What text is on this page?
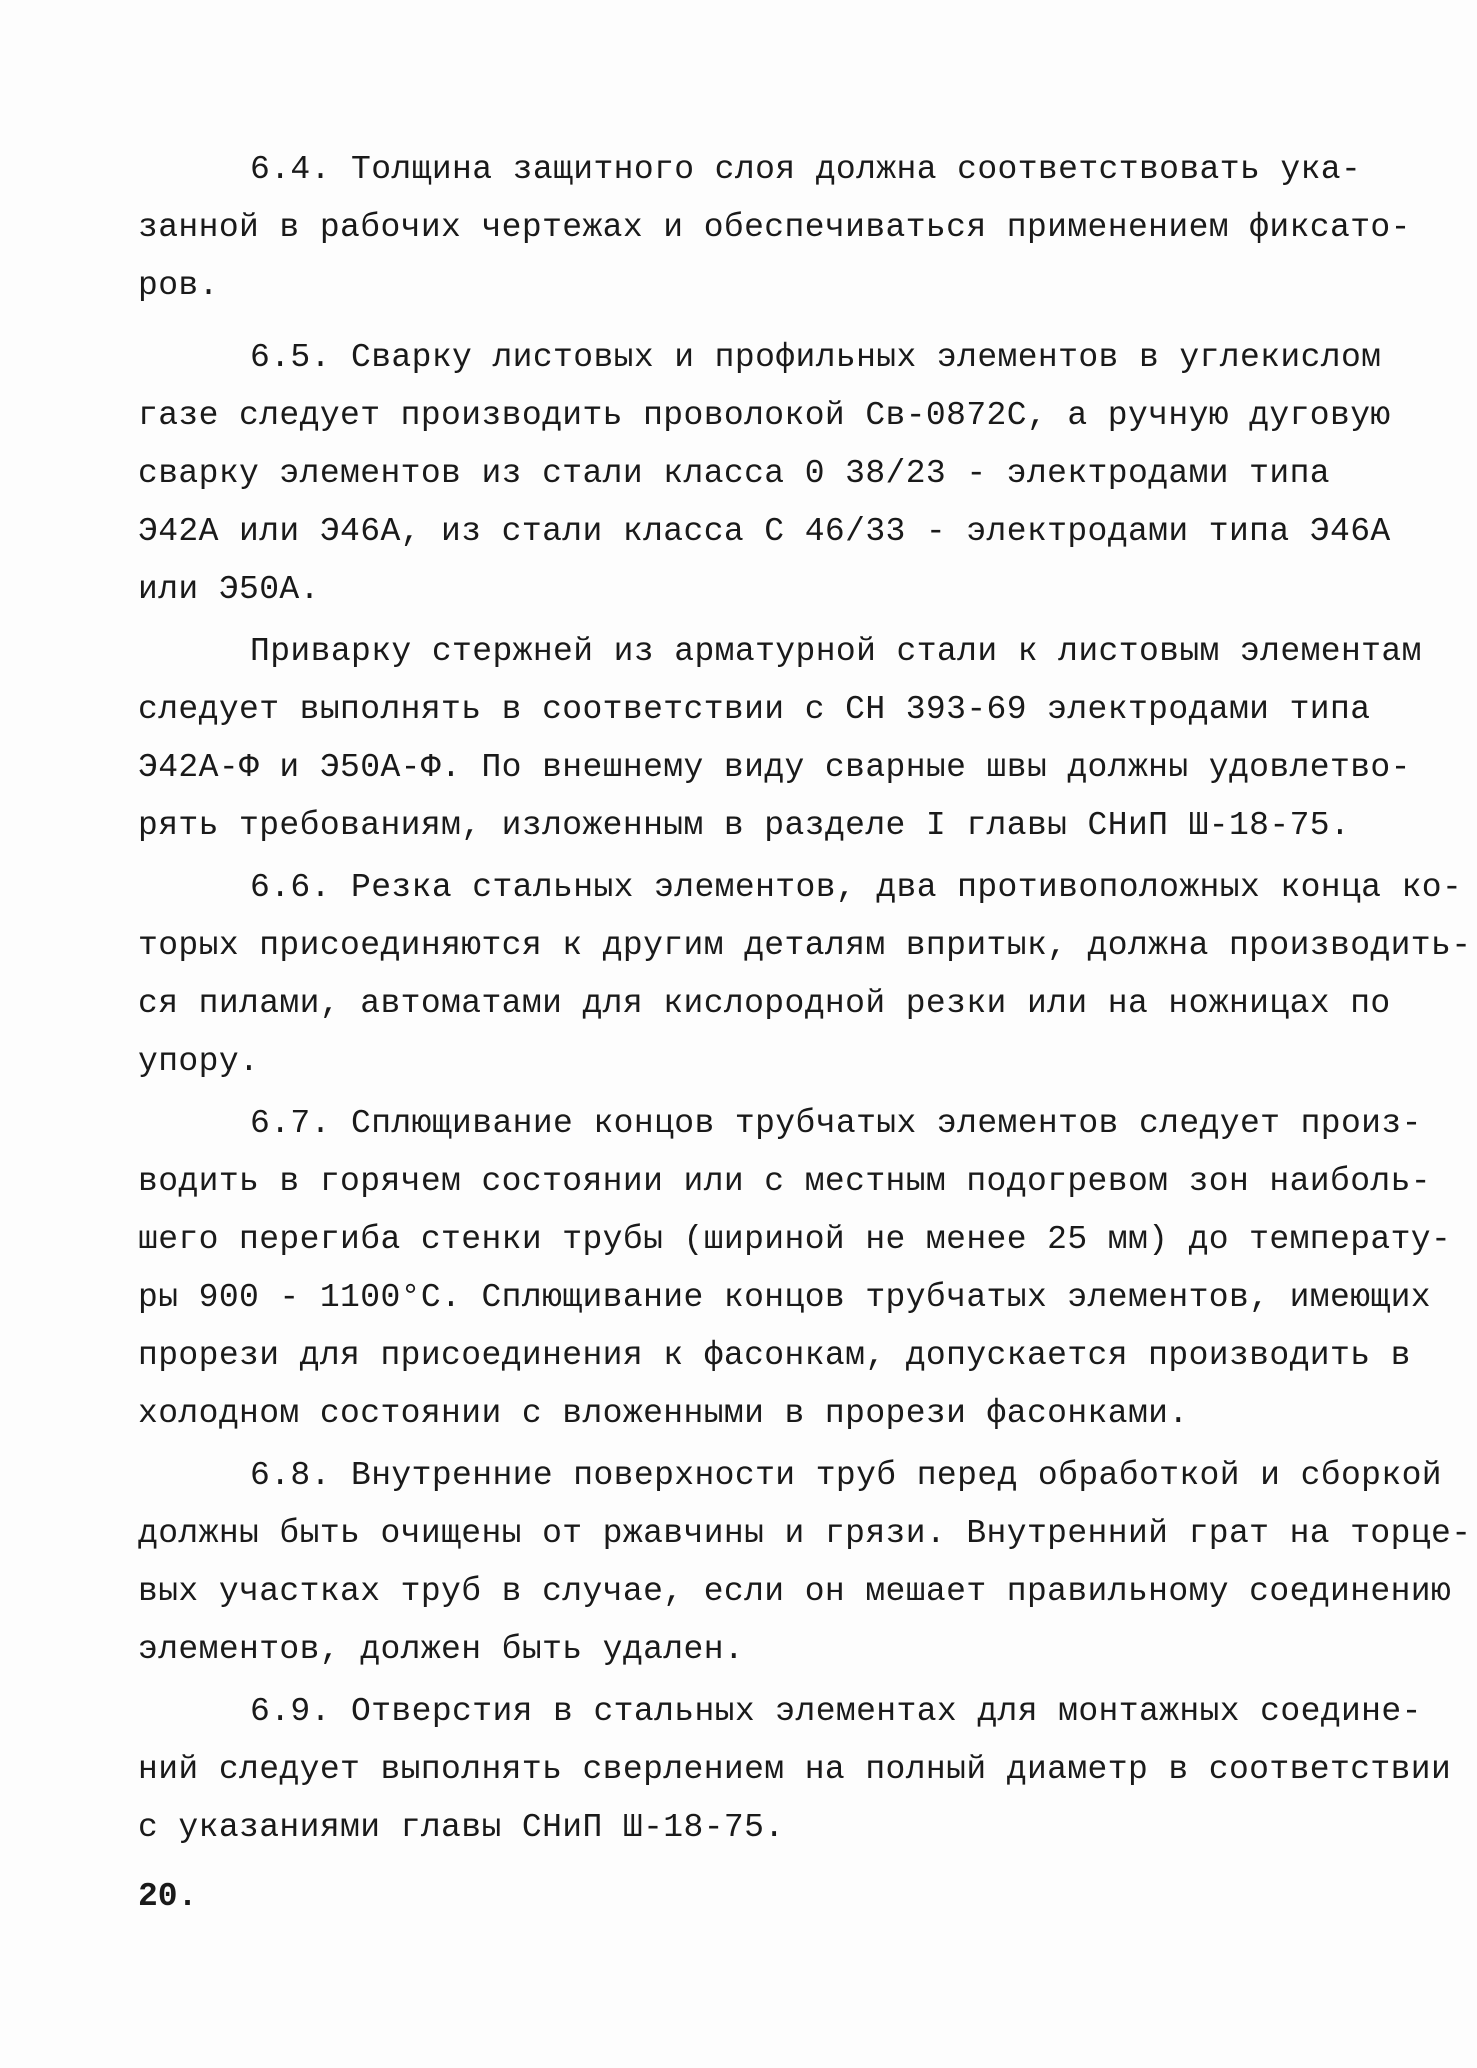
6.4. Толщина защитного слоя должна соответствовать ука-
занной в рабочих чертежах и обеспечиваться применением фиксато-
ров.
6.5. Сварку листовых и профильных элементов в углекислом
газе следует производить проволокой Св-0872С, а ручную дуговую
сварку элементов из стали класса 0 38/23 - электродами типа
Э42А или Э46А, из стали класса С 46/33 - электродами типа Э46А
или Э50А.
Приварку стержней из арматурной стали к листовым элементам
следует выполнять в соответствии с СН 393-69 электродами типа
Э42А-Ф и Э50А-Ф. По внешнему виду сварные швы должны удовлетво-
рять требованиям, изложенным в разделе I главы СНиП Ш-18-75.
6.6. Резка стальных элементов, два противоположных конца ко-
торых присоединяются к другим деталям впритык, должна производить-
ся пилами, автоматами для кислородной резки или на ножницах по
упору.
6.7. Сплющивание концов трубчатых элементов следует произ-
водить в горячем состоянии или с местным подогревом зон наиболь-
шего перегиба стенки трубы (шириной не менее 25 мм) до температу-
ры 900 - 1100°С. Сплющивание концов трубчатых элементов, имеющих
прорези для присоединения к фасонкам, допускается производить в
холодном состоянии с вложенными в прорези фасонками.
6.8. Внутренние поверхности труб перед обработкой и сборкой
должны быть очищены от ржавчины и грязи. Внутренний грат на торце-
вых участках труб в случае, если он мешает правильному соединению
элементов, должен быть удален.
6.9. Отверстия в стальных элементах для монтажных соедине-
ний следует выполнять сверлением на полный диаметр в соответствии
с указаниями главы СНиП Ш-18-75.
20.
